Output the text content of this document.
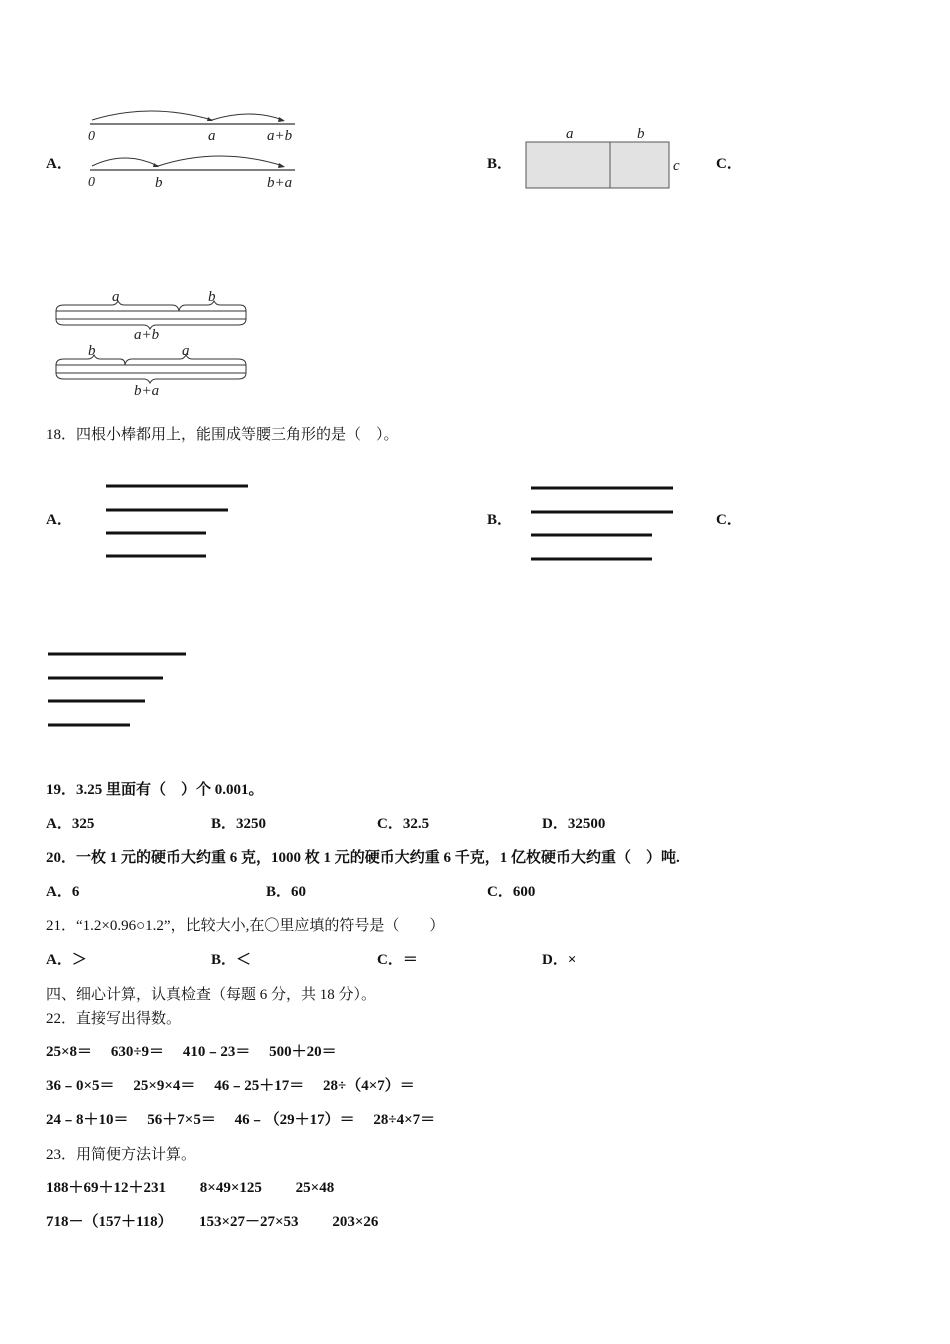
A．
0	a	a+b
0	b	b+a
B．
a	b
c C．
a	b
a+b
b	a
b+a
18．四根小棒都用上，能围成等腰三角形的是（　）。
A．	B．	C．
19．3.25 里面有（　）个 0.001。
A．325	B．3250	C．32.5	D．32500
20．一枚 1 元的硬币大约重 6 克，1000 枚 1 元的硬币大约重 6 千克，1 亿枚硬币大约重（　）吨.
A．6	B．60	C．600
21．“1.2×0.96○1.2”，比较大小,在〇里应填的符号是（　　）
A．＞	B．＜	C．＝	D．×
四、细心计算，认真检查（每题 6 分，共 18 分）。
22．直接写出得数。
25×8＝　 630÷9＝　 410﹣23＝　 500＋20＝
36﹣0×5＝　 25×9×4＝　 46﹣25＋17＝　 28÷（4×7）＝
24﹣8＋10＝　 56＋7×5＝　 46﹣（29＋17）＝　 28÷4×7＝
23．用简便方法计算。
188＋69＋12＋231　　 8×49×125　　 25×48
718－（157＋118）　　 153×27－27×53　　 203×26
